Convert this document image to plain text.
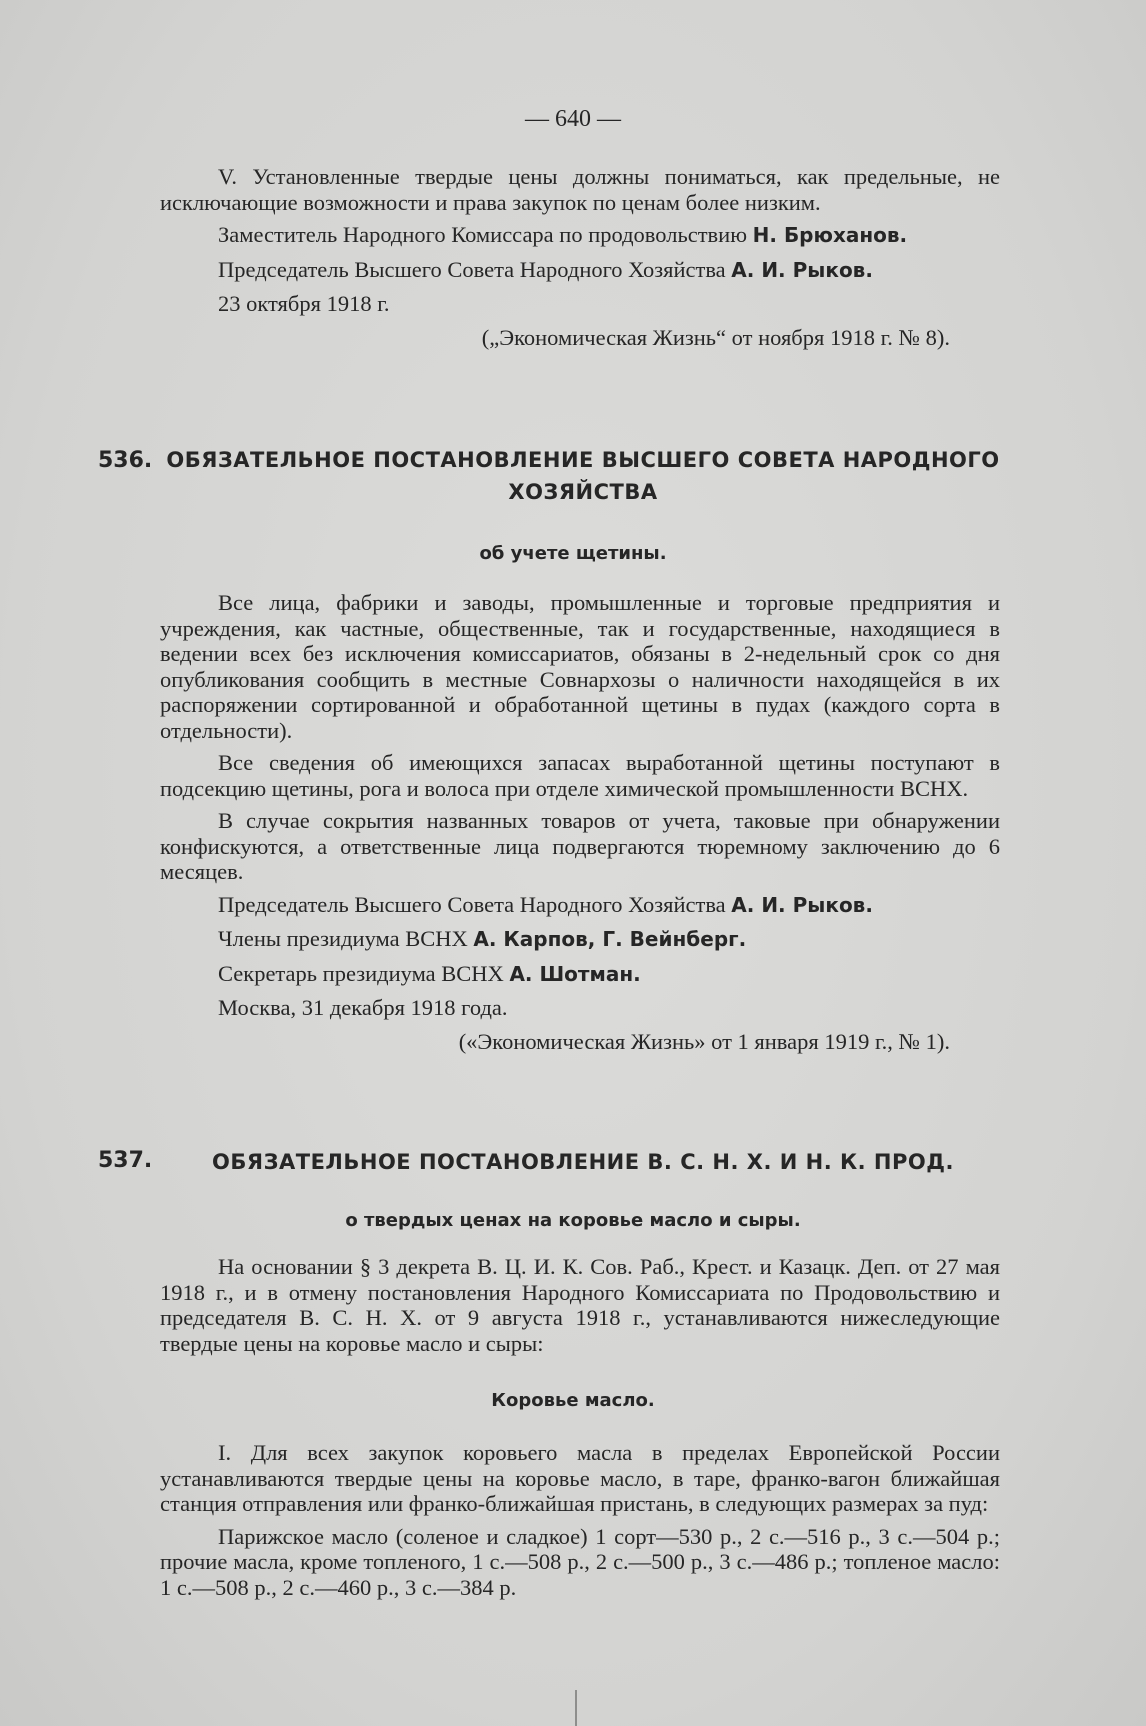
— 640 —

V. Установленные твердые цены должны пониматься, как предельные, не исключающие возможности и права закупок по ценам более низким.

Заместитель Народного Комиссара по продовольствию Н. Брюханов.

Председатель Высшего Совета Народного Хозяйства А. И. Рыков.

23 октября 1918 г.

(„Экономическая Жизнь“ от ноября 1918 г. № 8).

536. ОБЯЗАТЕЛЬНОЕ ПОСТАНОВЛЕНИЕ ВЫСШЕГО СОВЕТА НАРОДНОГО
ХОЗЯЙСТВА
об учете щетины.

Все лица, фабрики и заводы, промышленные и торговые предприятия и учреждения, как частные, общественные, так и государственные, находящиеся в ведении всех без исключения комиссариатов, обязаны в 2-недельный срок со дня опубликования сообщить в местные Совнархозы о наличности находящейся в их распоряжении сортированной и обработанной щетины в пудах (каждого сорта в отдельности).

Все сведения об имеющихся запасах выработанной щетины поступают в подсекцию щетины, рога и волоса при отделе химической промышленности ВСНХ.

В случае сокрытия названных товаров от учета, таковые при обнаружении конфискуются, а ответственные лица подвергаются тюремному заключению до 6 месяцев.

Председатель Высшего Совета Народного Хозяйства А. И. Рыков.

Члены президиума ВСНХ А. Карпов, Г. Вейнберг.

Секретарь президиума ВСНХ А. Шотман.

Москва, 31 декабря 1918 года.

(«Экономическая Жизнь» от 1 января 1919 г., № 1).

537.	ОБЯЗАТЕЛЬНОЕ ПОСТАНОВЛЕНИЕ В. С. Н. Х. И Н. К. ПРОД.
о твердых ценах на коровье масло и сыры.

На основании § 3 декрета В. Ц. И. К. Сов. Раб., Крест. и Казацк. Деп. от 27 мая 1918 г., и в отмену постановления Народного Комиссариата по Продовольствию и председателя В. С. Н. Х. от 9 августа 1918 г., устанавливаются нижеследующие твердые цены на коровье масло и сыры:

Коровье масло.

I. Для всех закупок коровьего масла в пределах Европейской России устанавливаются твердые цены на коровье масло, в таре, франко-вагон ближайшая станция отправления или франко-ближайшая пристань, в следующих размерах за пуд:

Парижское масло (соленое и сладкое) 1 сорт—530 р., 2 с.—516 р., 3 с.—504 р.; прочие масла, кроме топленого, 1 с.—508 р., 2 с.—500 р., 3 с.—486 р.; топленое масло: 1 с.—508 р., 2 с.—460 р., 3 с.—384 р.
